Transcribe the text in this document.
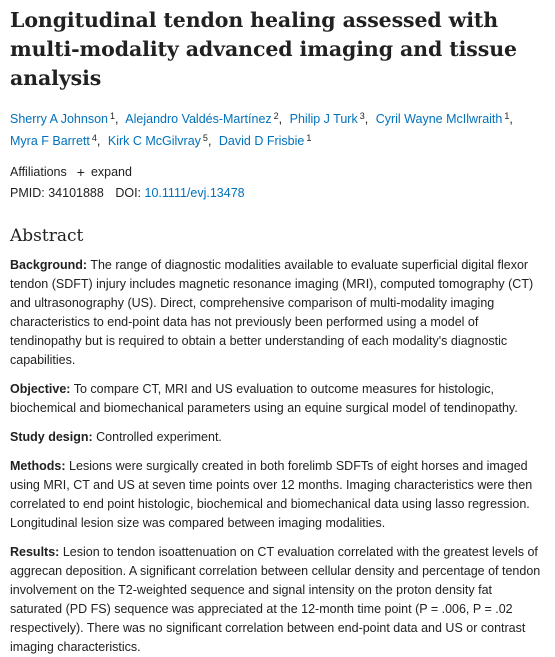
Longitudinal tendon healing assessed with multi-modality advanced imaging and tissue analysis
Sherry A Johnson $^1$, Alejandro Valdés-Martínez $^2$, Philip J Turk $^3$, Cyril Wayne McIlwraith $^1$,
Myra F Barrett $^4$, Kirk C McGilvray $^5$, David D Frisbie $^1$
Affiliations + expand
PMID: 34101888 DOI: 10.1111/evj.13478
Abstract
Background: The range of diagnostic modalities available to evaluate superficial digital flexor tendon (SDFT) injury includes magnetic resonance imaging (MRI), computed tomography (CT) and ultrasonography (US). Direct, comprehensive comparison of multi-modality imaging characteristics to end-point data has not previously been performed using a model of tendinopathy but is required to obtain a better understanding of each modality's diagnostic capabilities.
Objective: To compare CT, MRI and US evaluation to outcome measures for histologic, biochemical and biomechanical parameters using an equine surgical model of tendinopathy.
Study design: Controlled experiment.
Methods: Lesions were surgically created in both forelimb SDFTs of eight horses and imaged using MRI, CT and US at seven time points over 12 months. Imaging characteristics were then correlated to end point histologic, biochemical and biomechanical data using lasso regression. Longitudinal lesion size was compared between imaging modalities.
Results: Lesion to tendon isoattenuation on CT evaluation correlated with the greatest levels of aggrecan deposition. A significant correlation between cellular density and percentage of tendon involvement on the T2-weighted sequence and signal intensity on the proton density fat saturated (PD FS) sequence was appreciated at the 12-month time point (P = .006, P = .02 respectively). There was no significant correlation between end-point data and US or contrast imaging characteristics.
